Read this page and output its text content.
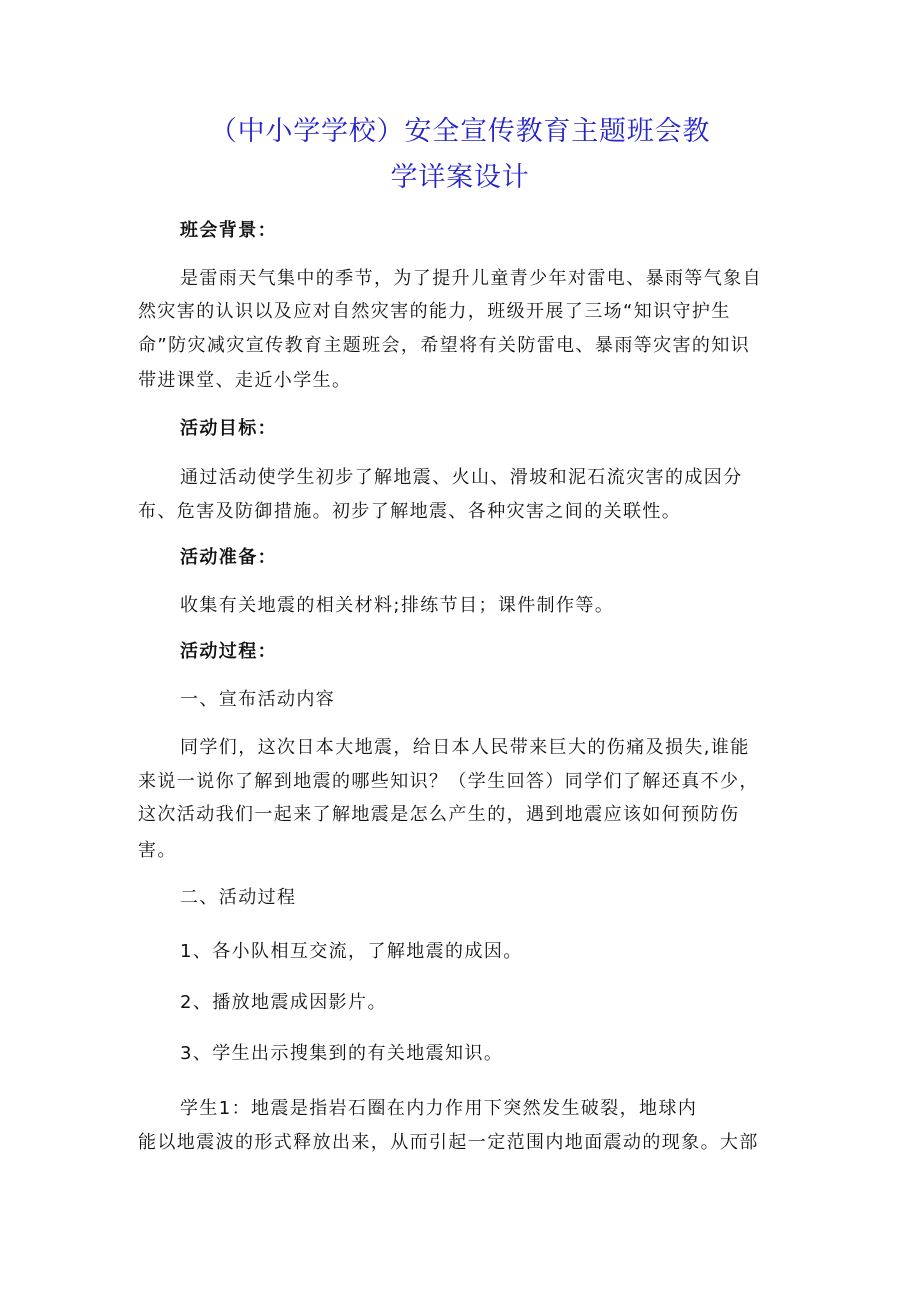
（中小学学校）安全宣传教育主题班会教
学详案设计
班会背景：
是雷雨天气集中的季节，为了提升儿童青少年对雷电、暴雨等气象自
然灾害的认识以及应对自然灾害的能力，班级开展了三场“知识守护生
命”防灾减灾宣传教育主题班会，希望将有关防雷电、暴雨等灾害的知识
带进课堂、走近小学生。
活动目标：
通过活动使学生初步了解地震、火山、滑坡和泥石流灾害的成因分
布、危害及防御措施。初步了解地震、各种灾害之间的关联性。
活动准备：
收集有关地震的相关材料;排练节目；课件制作等。
活动过程：
一、宣布活动内容
同学们，这次日本大地震，给日本人民带来巨大的伤痛及损失,谁能
来说一说你了解到地震的哪些知识？（学生回答）同学们了解还真不少，
这次活动我们一起来了解地震是怎么产生的，遇到地震应该如何预防伤
害。
二、活动过程
1、各小队相互交流，了解地震的成因。
2、播放地震成因影片。
3、学生出示搜集到的有关地震知识。
学生1：地震是指岩石圈在内力作用下突然发生破裂，地球内
能以地震波的形式释放出来，从而引起一定范围内地面震动的现象。大部
